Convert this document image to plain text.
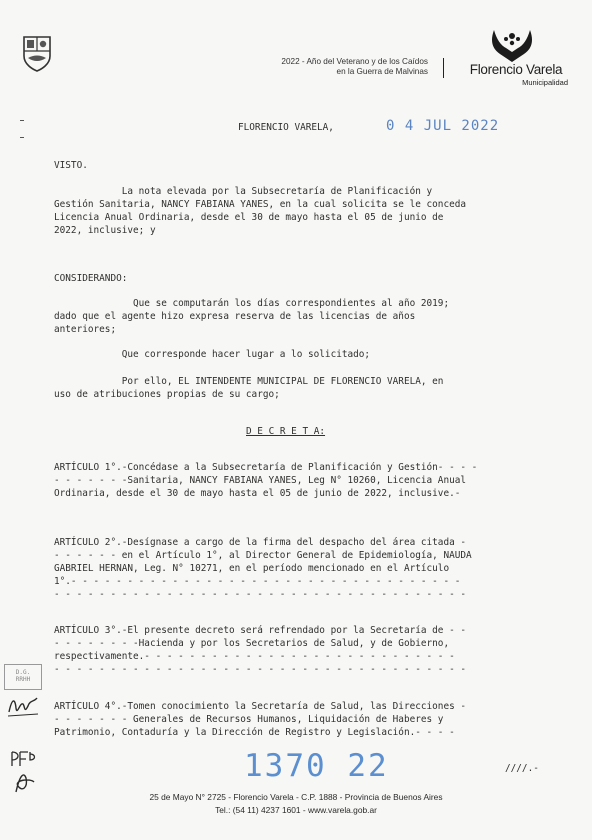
2022 - Año del Veterano y de los Caídos
en la Guerra de Malvinas	Florencio Varela
Municipalidad
FLORENCIO VARELA,	0 4 JUL 2022
VISTO.
La nota elevada por la Subsecretaría de Planificación y
Gestión Sanitaria, NANCY FABIANA YANES, en la cual solicita se le conceda
Licencia Anual Ordinaria, desde el 30 de mayo hasta el 05 de junio de
2022, inclusive; y
CONSIDERANDO:
Que se computarán los días correspondientes al año 2019;
dado que el agente hizo expresa reserva de las licencias de años
anteriores;
Que corresponde hacer lugar a lo solicitado;
Por ello, EL INTENDENTE MUNICIPAL DE FLORENCIO VARELA, en
uso de atribuciones propias de su cargo;
D E C R E T A:
ARTÍCULO 1°.-Concédase a la Subsecretaría de Planificación y Gestión- - - -
- - - - - - -Sanitaria, NANCY FABIANA YANES, Leg N° 10260, Licencia Anual
Ordinaria, desde el 30 de mayo hasta el 05 de junio de 2022, inclusive.-
ARTÍCULO 2°.-Desígnase a cargo de la firma del despacho del área citada -
- - - - - - en el Artículo 1°, al Director General de Epidemiología, NAUDA
GABRIEL HERNAN, Leg. N° 10271, en el período mencionado en el Artículo
1°.- - - - - - - - - - - - - - - - - - - - - - - - - - - - - - - - - - -
- - - - - - - - - - - - - - - - - - - - - - - - - - - - - - - - - - - - -
ARTÍCULO 3°.-El presente decreto será refrendado por la Secretaría de - -
- - - - - - - -Hacienda y por los Secretarios de Salud, y de Gobierno,
respectivamente.- - - - - - - - - - - - - - - - - - - - - - - - - - - -
- - - - - - - - - - - - - - - - - - - - - - - - - - - - - - - - - - - - -
ARTÍCULO 4°.-Tomen conocimiento la Secretaría de Salud, las Direcciones -
- - - - - - - Generales de Recursos Humanos, Liquidación de Haberes y
Patrimonio, Contaduría y la Dirección de Registro y Legislación.- - - -
D.G. RRHH
1370 22	////.-
25 de Mayo N° 2725 - Florencio Varela - C.P. 1888 - Provincia de Buenos Aires
Tel.: (54 11) 4237 1601 - www.varela.gob.ar
